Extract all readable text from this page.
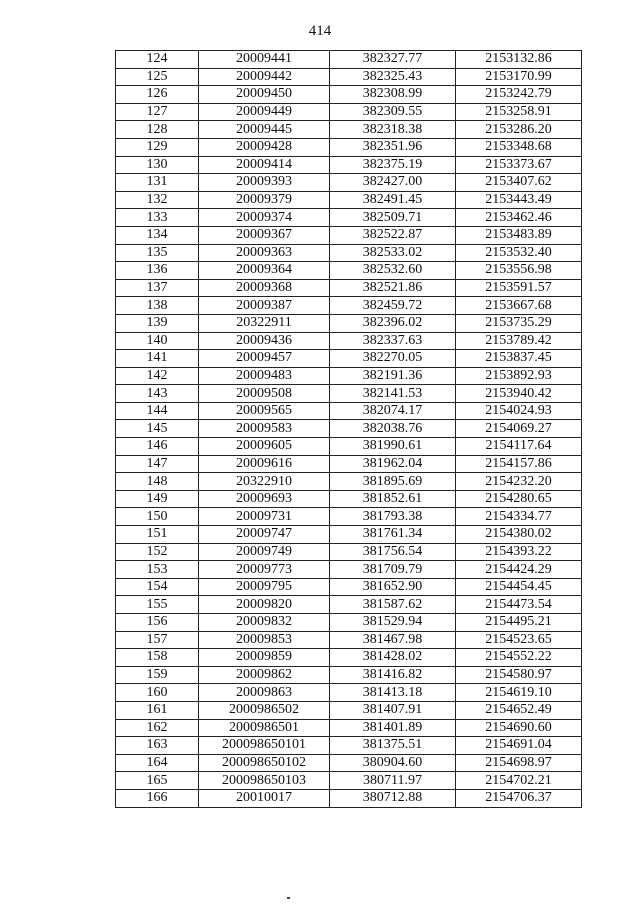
414
124	20009441	382327.77	2153132.86
125	20009442	382325.43	2153170.99
126	20009450	382308.99	2153242.79
127	20009449	382309.55	2153258.91
128	20009445	382318.38	2153286.20
129	20009428	382351.96	2153348.68
130	20009414	382375.19	2153373.67
131	20009393	382427.00	2153407.62
132	20009379	382491.45	2153443.49
133	20009374	382509.71	2153462.46
134	20009367	382522.87	2153483.89
135	20009363	382533.02	2153532.40
136	20009364	382532.60	2153556.98
137	20009368	382521.86	2153591.57
138	20009387	382459.72	2153667.68
139	20322911	382396.02	2153735.29
140	20009436	382337.63	2153789.42
141	20009457	382270.05	2153837.45
142	20009483	382191.36	2153892.93
143	20009508	382141.53	2153940.42
144	20009565	382074.17	2154024.93
145	20009583	382038.76	2154069.27
146	20009605	381990.61	2154117.64
147	20009616	381962.04	2154157.86
148	20322910	381895.69	2154232.20
149	20009693	381852.61	2154280.65
150	20009731	381793.38	2154334.77
151	20009747	381761.34	2154380.02
152	20009749	381756.54	2154393.22
153	20009773	381709.79	2154424.29
154	20009795	381652.90	2154454.45
155	20009820	381587.62	2154473.54
156	20009832	381529.94	2154495.21
157	20009853	381467.98	2154523.65
158	20009859	381428.02	2154552.22
159	20009862	381416.82	2154580.97
160	20009863	381413.18	2154619.10
161	2000986502	381407.91	2154652.49
162	2000986501	381401.89	2154690.60
163	200098650101	381375.51	2154691.04
164	200098650102	380904.60	2154698.97
165	200098650103	380711.97	2154702.21
166	20010017	380712.88	2154706.37
